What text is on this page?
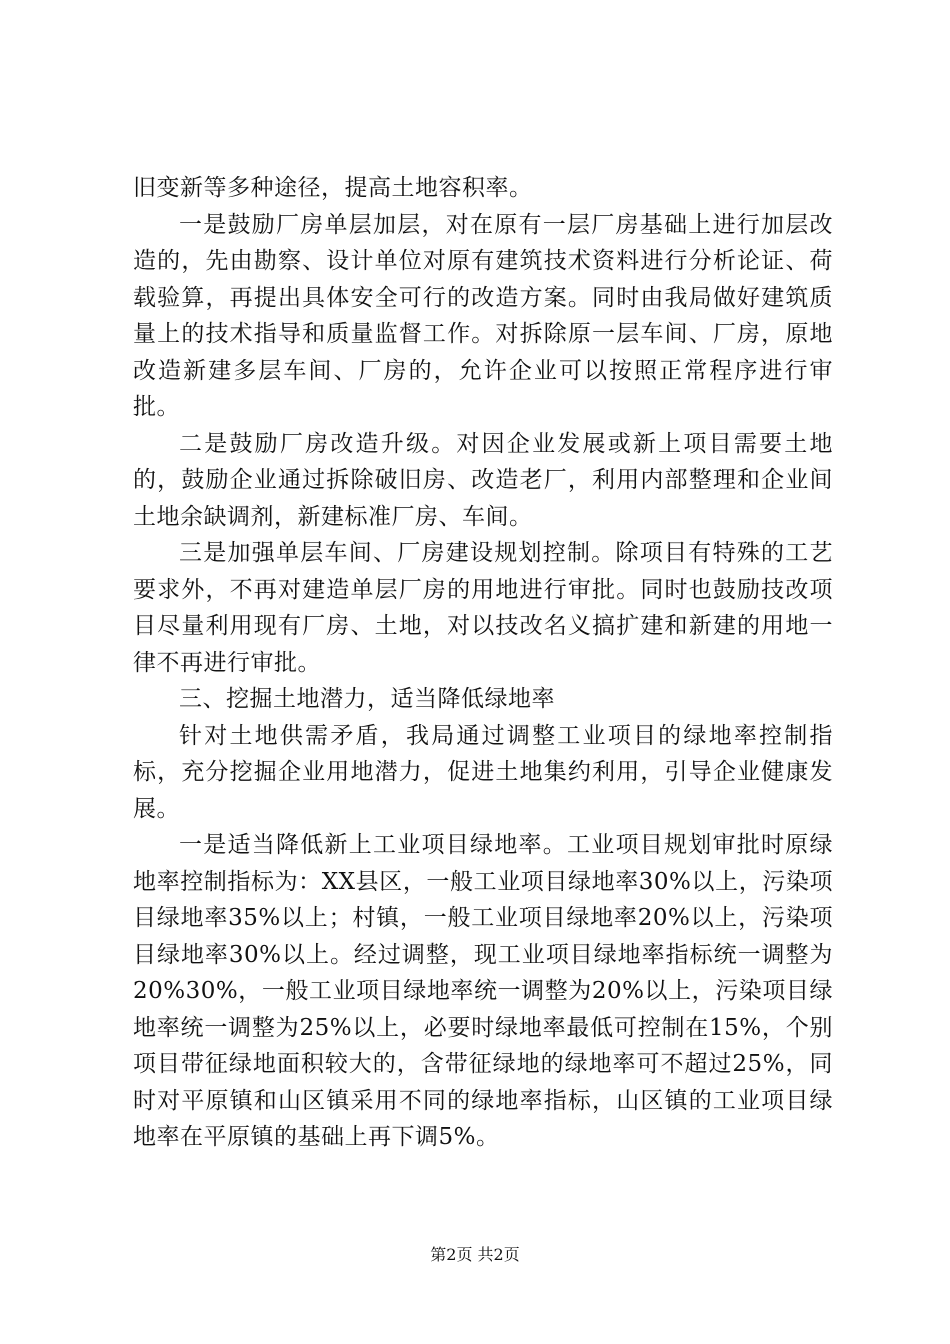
旧变新等多种途径，提高土地容积率。

一是鼓励厂房单层加层，对在原有一层厂房基础上进行加层改造的，先由勘察、设计单位对原有建筑技术资料进行分析论证、荷载验算，再提出具体安全可行的改造方案。同时由我局做好建筑质量上的技术指导和质量监督工作。对拆除原一层车间、厂房，原地改造新建多层车间、厂房的，允许企业可以按照正常程序进行审批。

二是鼓励厂房改造升级。对因企业发展或新上项目需要土地的，鼓励企业通过拆除破旧房、改造老厂，利用内部整理和企业间土地余缺调剂，新建标准厂房、车间。

三是加强单层车间、厂房建设规划控制。除项目有特殊的工艺要求外，不再对建造单层厂房的用地进行审批。同时也鼓励技改项目尽量利用现有厂房、土地，对以技改名义搞扩建和新建的用地一律不再进行审批。

三、挖掘土地潜力，适当降低绿地率

针对土地供需矛盾，我局通过调整工业项目的绿地率控制指标，充分挖掘企业用地潜力，促进土地集约利用，引导企业健康发展。

一是适当降低新上工业项目绿地率。工业项目规划审批时原绿地率控制指标为：XX县区，一般工业项目绿地率30%以上，污染项目绿地率35%以上；村镇，一般工业项目绿地率20%以上，污染项目绿地率30%以上。经过调整，现工业项目绿地率指标统一调整为20%30%，一般工业项目绿地率统一调整为20%以上，污染项目绿地率统一调整为25%以上，必要时绿地率最低可控制在15%，个别项目带征绿地面积较大的，含带征绿地的绿地率可不超过25%，同时对平原镇和山区镇采用不同的绿地率指标，山区镇的工业项目绿地率在平原镇的基础上再下调5%。

第2页 共2页
